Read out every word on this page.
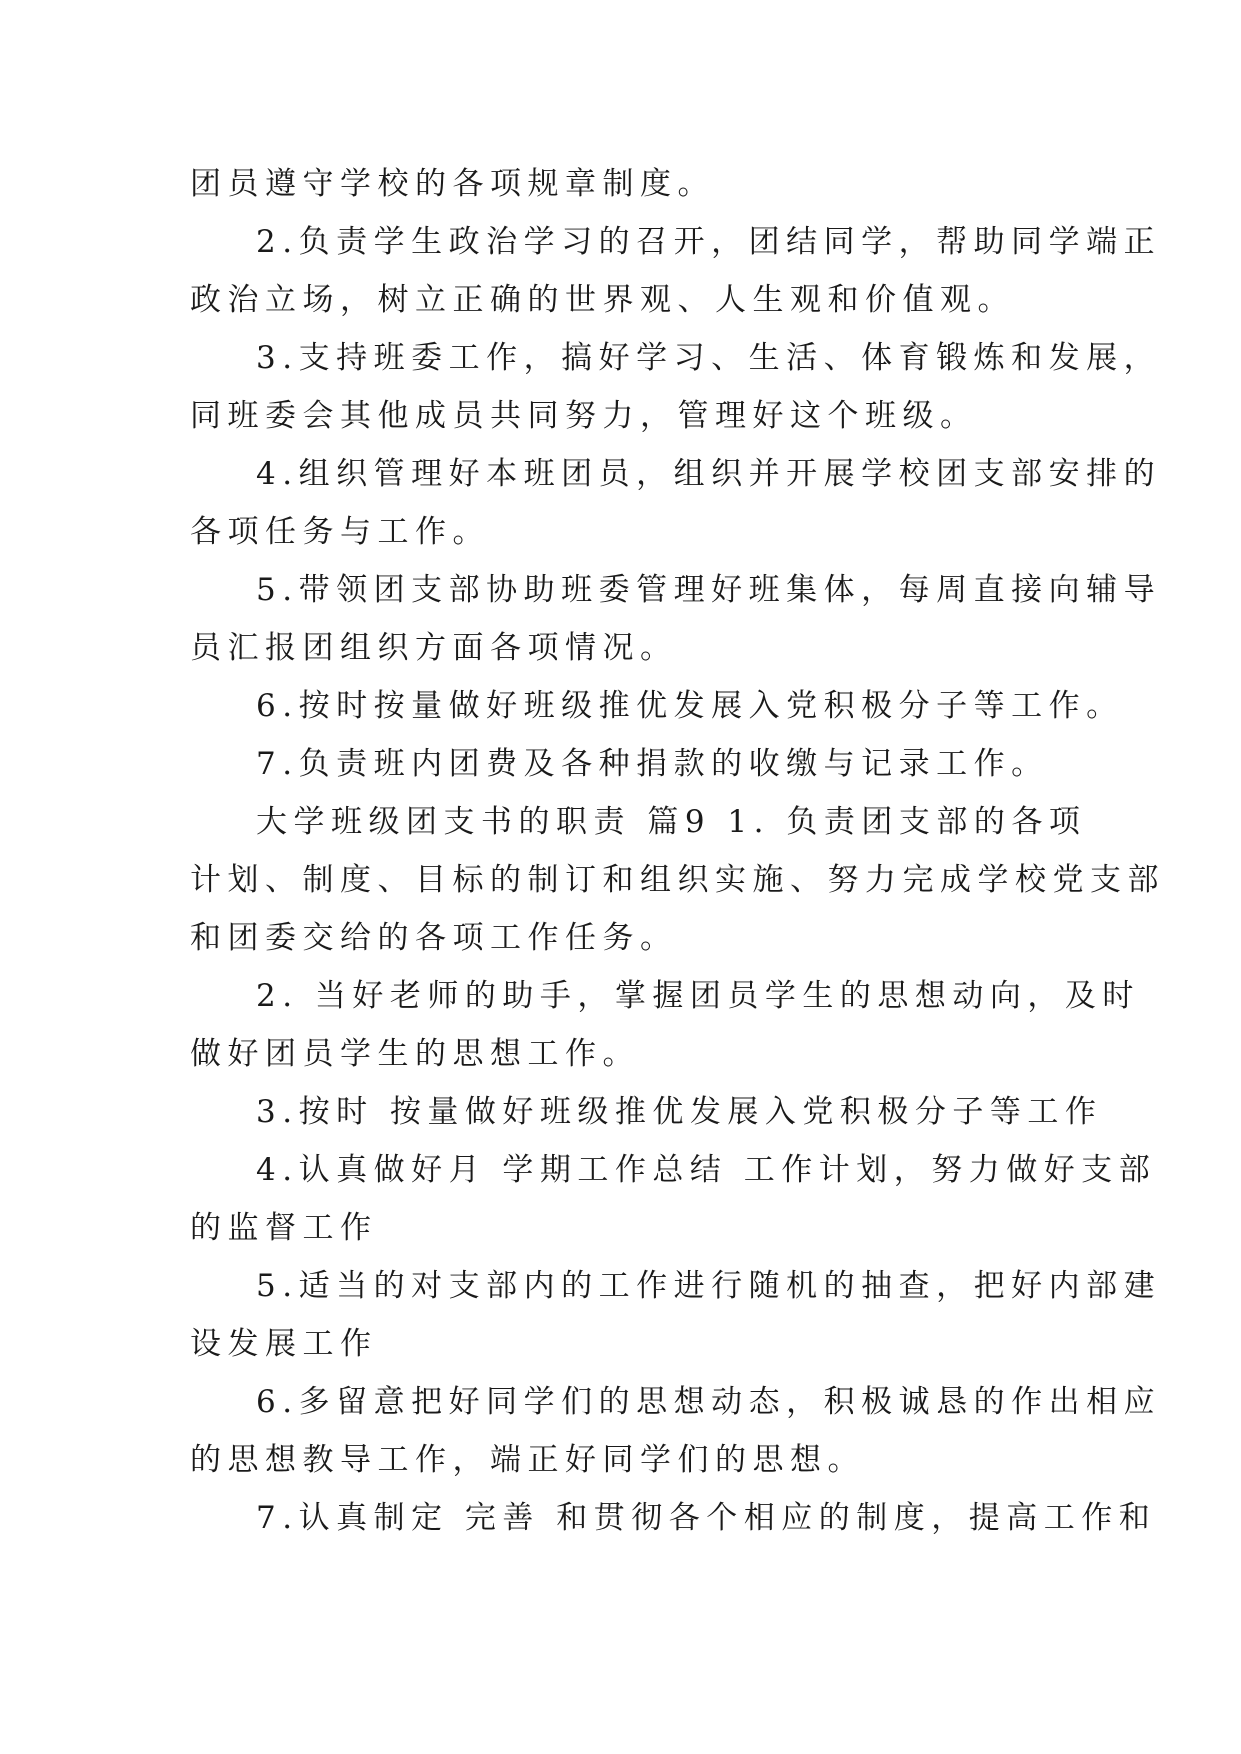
团员遵守学校的各项规章制度。
2.负责学生政治学习的召开，团结同学，帮助同学端正
政治立场，树立正确的世界观、人生观和价值观。
3.支持班委工作，搞好学习、生活、体育锻炼和发展，
同班委会其他成员共同努力，管理好这个班级。
4.组织管理好本班团员，组织并开展学校团支部安排的
各项任务与工作。
5.带领团支部协助班委管理好班集体，每周直接向辅导
员汇报团组织方面各项情况。
6.按时按量做好班级推优发展入党积极分子等工作。
7.负责班内团费及各种捐款的收缴与记录工作。
大学班级团支书的职责 篇9 1. 负责团支部的各项
计划、制度、目标的制订和组织实施、努力完成学校党支部
和团委交给的各项工作任务。
2. 当好老师的助手，掌握团员学生的思想动向，及时
做好团员学生的思想工作。
3.按时 按量做好班级推优发展入党积极分子等工作
4.认真做好月 学期工作总结 工作计划，努力做好支部
的监督工作
5.适当的对支部内的工作进行随机的抽查，把好内部建
设发展工作
6.多留意把好同学们的思想动态，积极诚恳的作出相应
的思想教导工作，端正好同学们的思想。
7.认真制定 完善 和贯彻各个相应的制度，提高工作和
